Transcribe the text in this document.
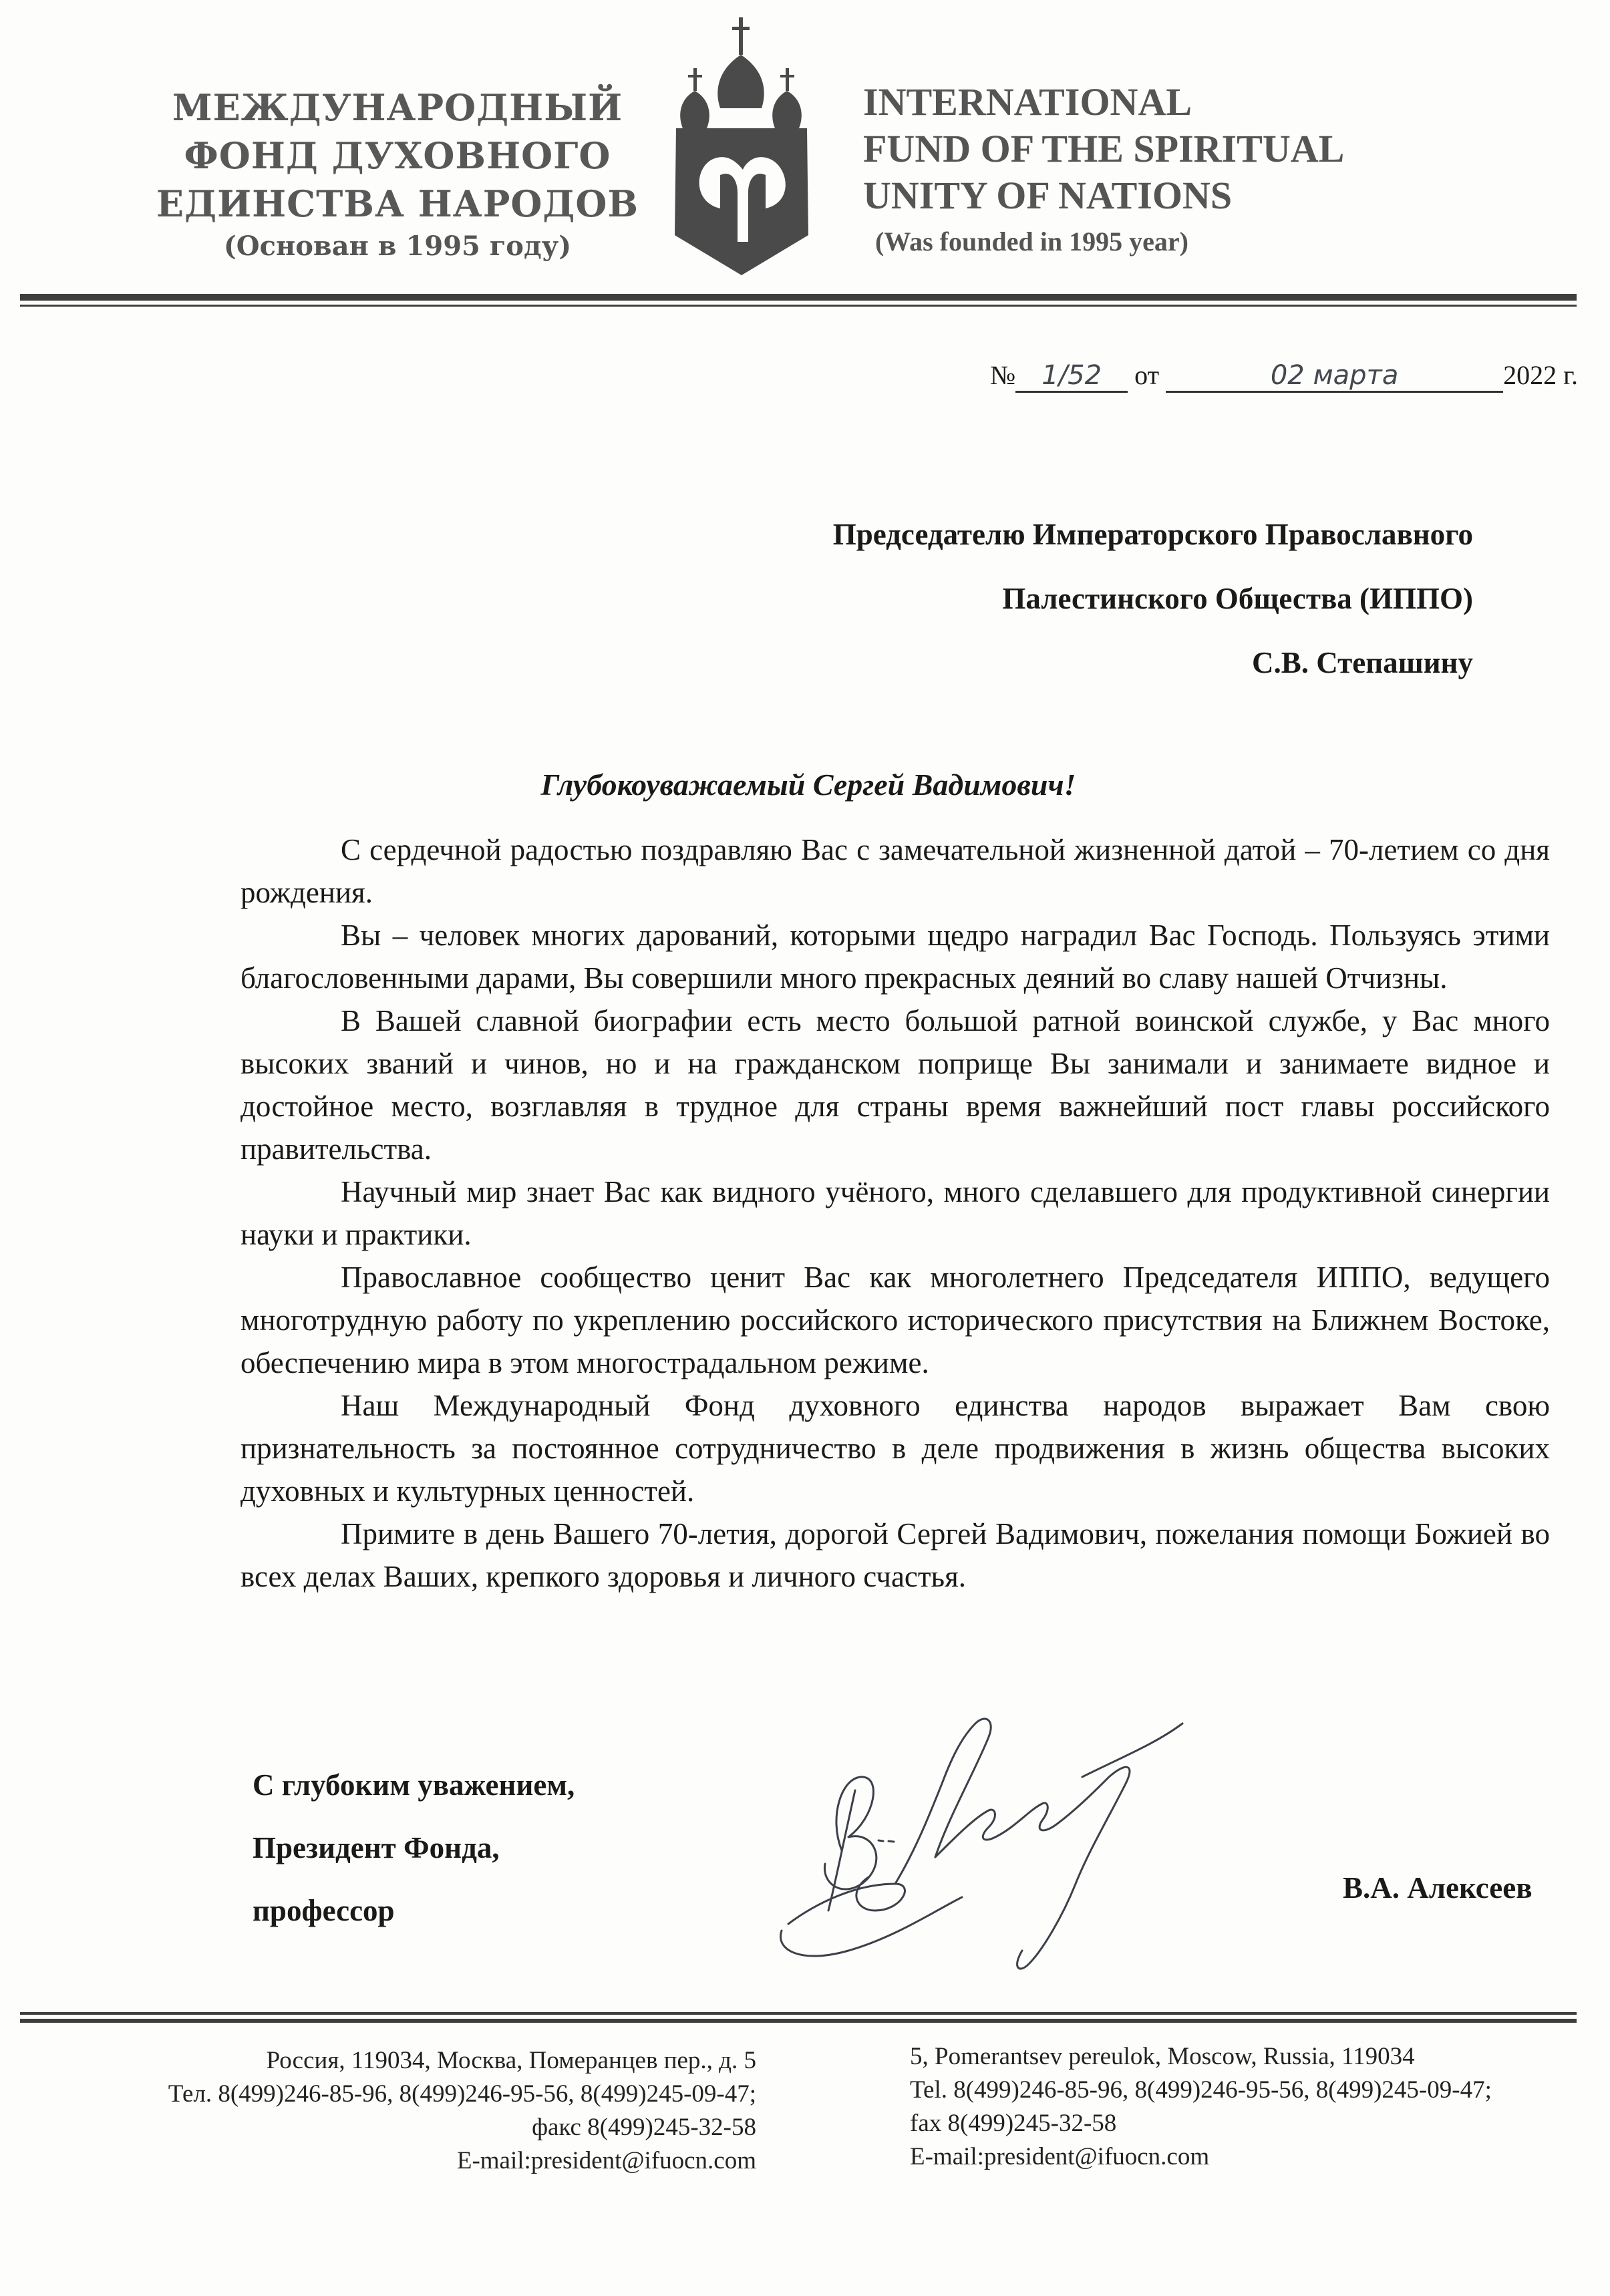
МЕЖДУНАРОДНЫЙ
ФОНД ДУХОВНОГО
ЕДИНСТВА НАРОДОВ
(Основан в 1995 году)
INTERNATIONAL
FUND OF THE SPIRITUAL
UNITY OF NATIONS
(Was founded in 1995 year)
№ 1/52 от	02 марта	2022 г.
Председателю Императорского Православного
Палестинского Общества (ИППО)
С.В. Степашину
Глубокоуважаемый Сергей Вадимович!

С сердечной радостью поздравляю Вас с замечательной жизненной датой – 70-летием со дня рождения.

Вы – человек многих дарований, которыми щедро наградил Вас Господь. Пользуясь этими благословенными дарами, Вы совершили много прекрасных деяний во славу нашей Отчизны.

В Вашей славной биографии есть место большой ратной воинской службе, у Вас много высоких званий и чинов, но и на гражданском поприще Вы занимали и занимаете видное и достойное место, возглавляя в трудное для страны время важнейший пост главы российского правительства.

Научный мир знает Вас как видного учёного, много сделавшего для продуктивной синергии науки и практики.

Православное сообщество ценит Вас как многолетнего Председателя ИППО, ведущего многотрудную работу по укреплению российского исторического присутствия на Ближнем Востоке, обеспечению мира в этом многострадальном режиме.

Наш Международный Фонд духовного единства народов выражает Вам свою признательность за постоянное сотрудничество в деле продвижения в жизнь общества высоких духовных и культурных ценностей.

Примите в день Вашего 70-летия, дорогой Сергей Вадимович, пожелания помощи Божией во всех делах Ваших, крепкого здоровья и личного счастья.

С глубоким уважением,
Президент Фонда,
профессор
В.А. Алексеев
Россия, 119034, Москва, Померанцев пер., д. 5
Тел. 8(499)246-85-96, 8(499)246-95-56, 8(499)245-09-47;
факс 8(499)245-32-58
E-mail:president@ifuocn.com
5, Pomerantsev pereulok, Moscow, Russia, 119034
Tel. 8(499)246-85-96, 8(499)246-95-56, 8(499)245-09-47;
fax 8(499)245-32-58
E-mail:president@ifuocn.com
